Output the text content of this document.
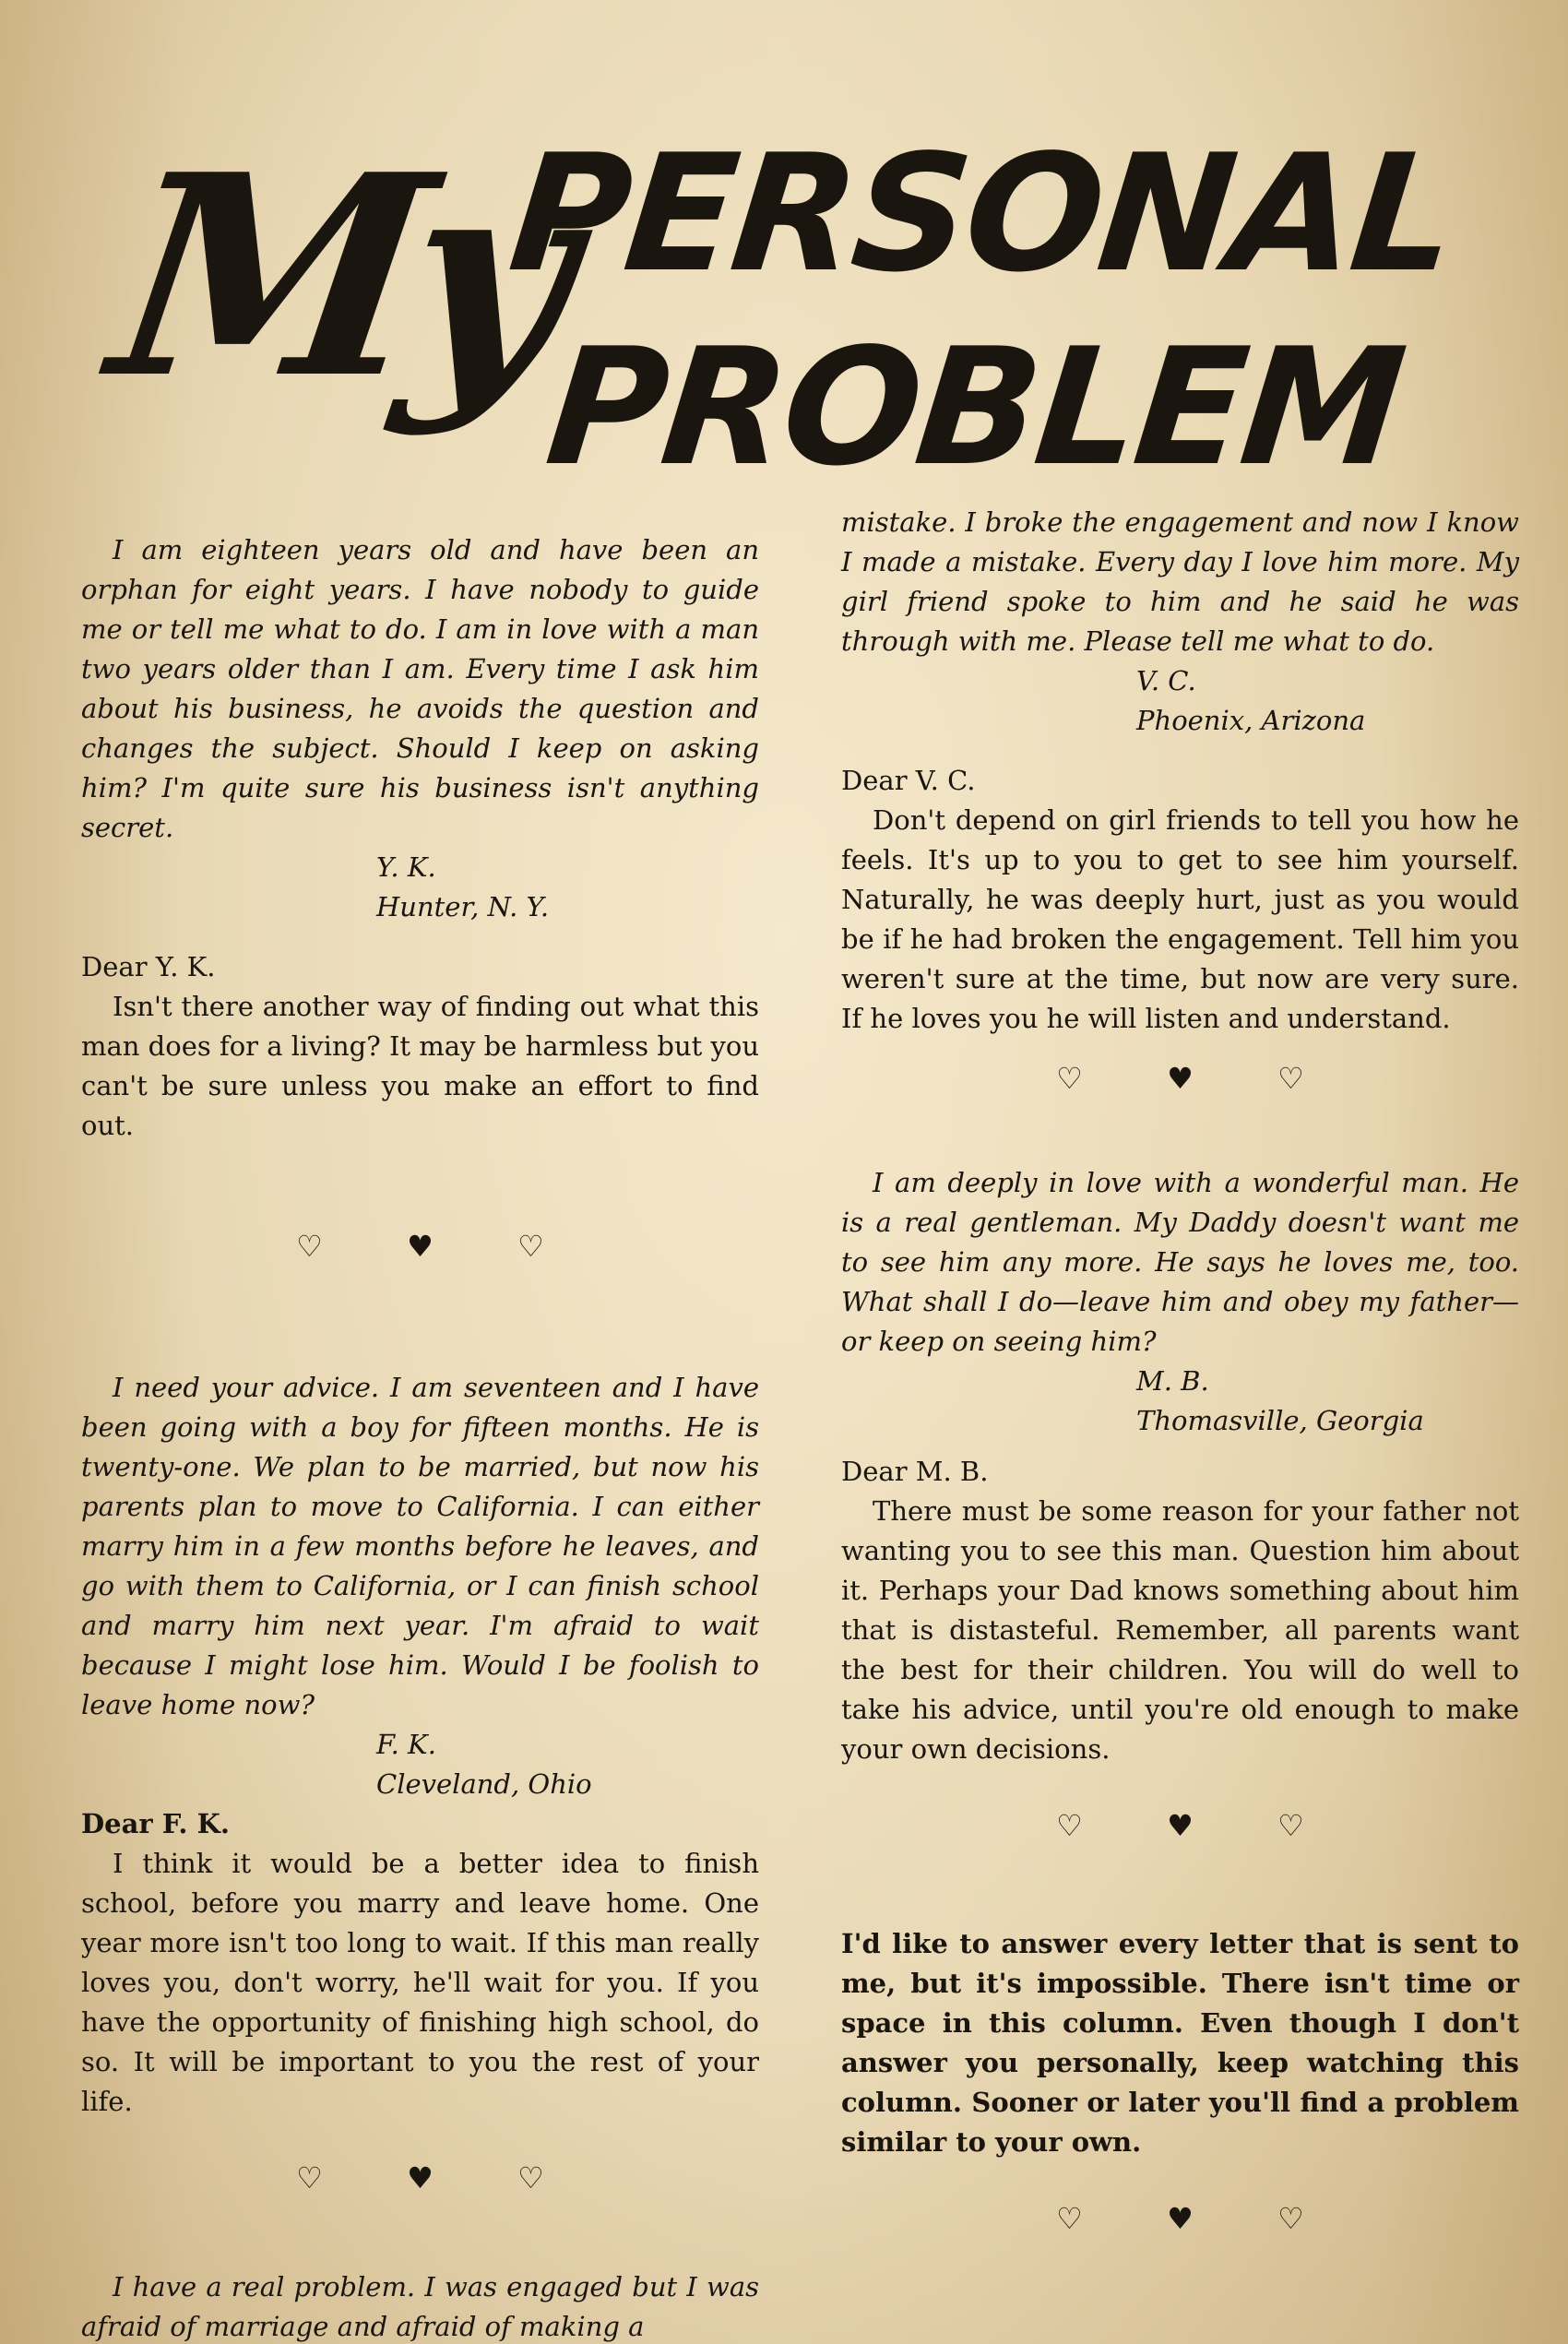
My
PERSONAL
PROBLEM

I am eighteen years old and have been an orphan for eight years. I have nobody to guide me or tell me what to do. I am in love with a man two years older than I am. Every time I ask him about his business, he avoids the question and changes the subject. Should I keep on asking him? I'm quite sure his business isn't anything secret.

Y. K.
Hunter, N. Y.
Dear Y. K.

Isn't there another way of finding out what this man does for a living? It may be harmless but you can't be sure unless you make an effort to find out.

♡	♥	♡

I need your advice. I am seventeen and I have been going with a boy for fifteen months. He is twenty-one. We plan to be married, but now his parents plan to move to California. I can either marry him in a few months before he leaves, and go with them to California, or I can finish school and marry him next year. I'm afraid to wait because I might lose him. Would I be foolish to leave home now?

F. K.
Cleveland, Ohio
Dear F. K.

I think it would be a better idea to finish school, before you marry and leave home. One year more isn't too long to wait. If this man really loves you, don't worry, he'll wait for you. If you have the opportunity of finishing high school, do so. It will be important to you the rest of your life.

♡	♥	♡

I have a real problem. I was engaged but I was afraid of marriage and afraid of making a

mistake. I broke the engagement and now I know I made a mistake. Every day I love him more. My girl friend spoke to him and he said he was through with me. Please tell me what to do.

V. C.
Phoenix, Arizona
Dear V. C.

Don't depend on girl friends to tell you how he feels. It's up to you to get to see him yourself. Naturally, he was deeply hurt, just as you would be if he had broken the engagement. Tell him you weren't sure at the time, but now are very sure. If he loves you he will listen and understand.

♡	♥	♡

I am deeply in love with a wonderful man. He is a real gentleman. My Daddy doesn't want me to see him any more. He says he loves me, too. What shall I do—leave him and obey my father—or keep on seeing him?

M. B.
Thomasville, Georgia
Dear M. B.

There must be some reason for your father not wanting you to see this man. Question him about it. Perhaps your Dad knows something about him that is distasteful. Remember, all parents want the best for their children. You will do well to take his advice, until you're old enough to make your own decisions.

♡	♥	♡

I'd like to answer every letter that is sent to me, but it's impossible. There isn't time or space in this column. Even though I don't answer you personally, keep watching this column. Sooner or later you'll find a problem similar to your own.

♡	♥	♡
